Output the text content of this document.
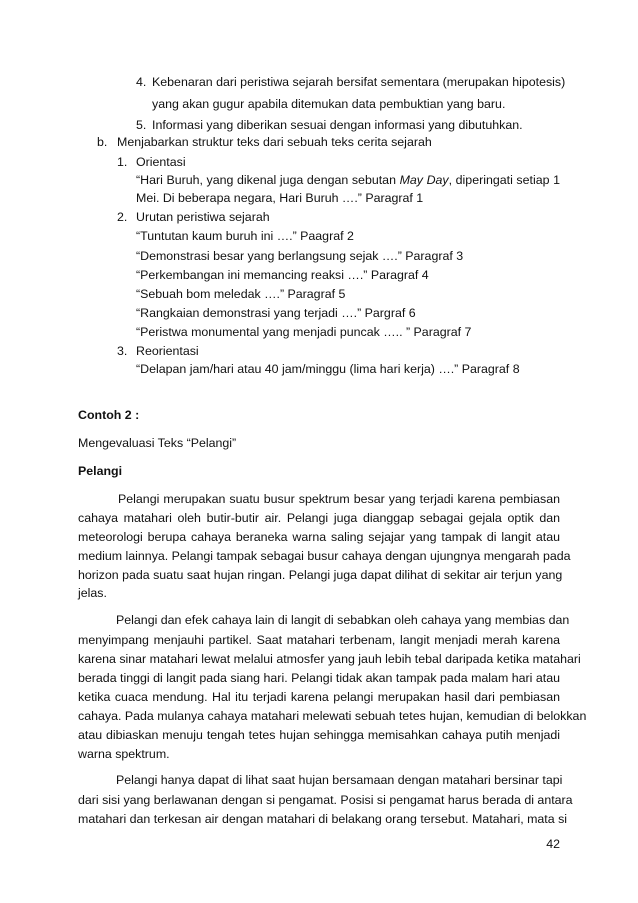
4. Kebenaran dari peristiwa sejarah bersifat sementara (merupakan hipotesis)
yang akan gugur apabila ditemukan data pembuktian yang baru.
5. Informasi yang diberikan sesuai dengan informasi yang dibutuhkan.
b. Menjabarkan struktur teks dari sebuah teks cerita sejarah
1. Orientasi
“Hari Buruh, yang dikenal juga dengan sebutan May Day, diperingati setiap 1
Mei. Di beberapa negara, Hari Buruh ….” Paragraf 1
2. Urutan peristiwa sejarah
“Tuntutan kaum buruh ini ….” Paagraf 2
“Demonstrasi besar yang berlangsung sejak ….” Paragraf 3
“Perkembangan ini memancing reaksi ….” Paragraf 4
“Sebuah bom meledak ….” Paragraf 5
“Rangkaian demonstrasi yang terjadi ….” Pargraf 6
“Peristwa monumental yang menjadi puncak ….. ” Paragraf 7
3. Reorientasi
“Delapan jam/hari atau 40 jam/minggu (lima hari kerja) ….” Paragraf 8
Contoh 2 :
Mengevaluasi Teks “Pelangi”
Pelangi
Pelangi merupakan suatu busur spektrum besar yang terjadi karena pembiasan
cahaya matahari oleh butir-butir air. Pelangi juga dianggap sebagai gejala optik dan
meteorologi berupa cahaya beraneka warna saling sejajar yang tampak di langit atau
medium lainnya. Pelangi tampak sebagai busur cahaya dengan ujungnya mengarah pada
horizon pada suatu saat hujan ringan. Pelangi juga dapat dilihat di sekitar air terjun yang
jelas.
Pelangi dan efek cahaya lain di langit di sebabkan oleh cahaya yang membias dan
menyimpang menjauhi partikel. Saat matahari terbenam, langit menjadi merah karena
karena sinar matahari lewat melalui atmosfer yang jauh lebih tebal daripada ketika matahari
berada tinggi di langit pada siang hari. Pelangi tidak akan tampak pada malam hari atau
ketika cuaca mendung. Hal itu terjadi karena pelangi merupakan hasil dari pembiasan
cahaya. Pada mulanya cahaya matahari melewati sebuah tetes hujan, kemudian di belokkan
atau dibiaskan menuju tengah tetes hujan sehingga memisahkan cahaya putih menjadi
warna spektrum.
Pelangi hanya dapat di lihat saat hujan bersamaan dengan matahari bersinar tapi
dari sisi yang berlawanan dengan si pengamat. Posisi si pengamat harus berada di antara
matahari dan terkesan air dengan matahari di belakang orang tersebut. Matahari, mata si
42
